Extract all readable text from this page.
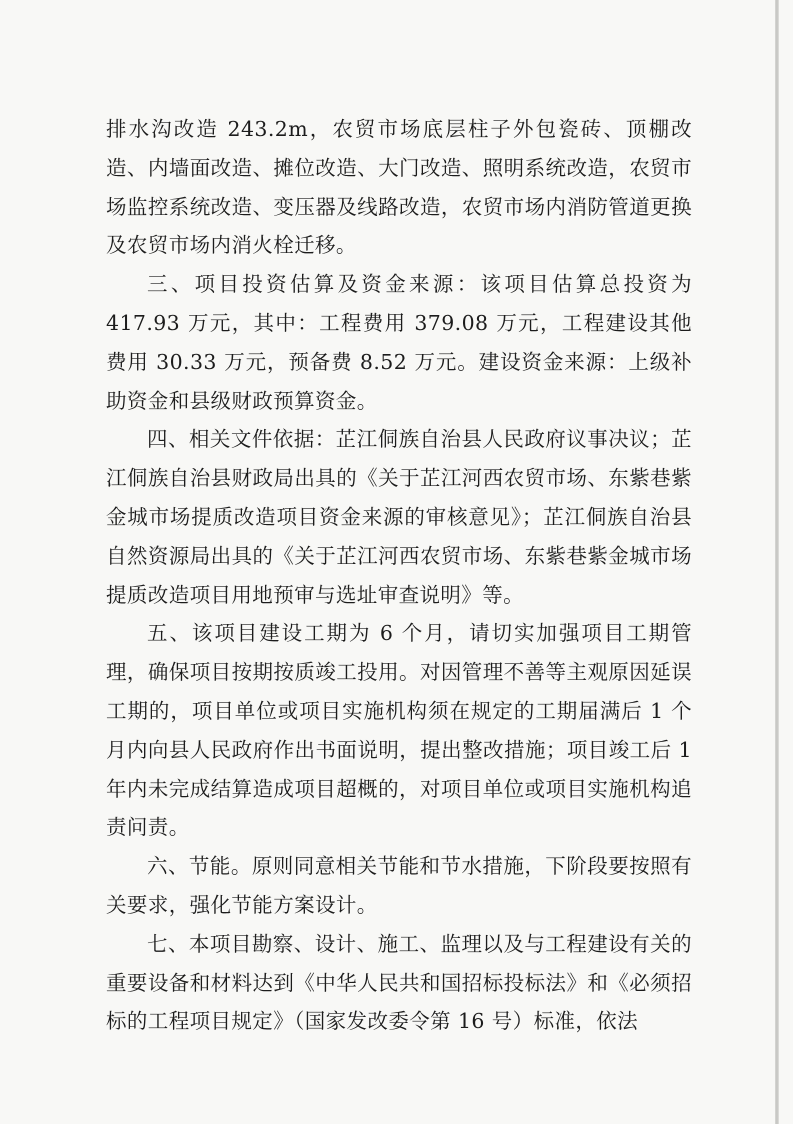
排水沟改造 243.2m，农贸市场底层柱子外包瓷砖、顶棚改造、内墙面改造、摊位改造、大门改造、照明系统改造，农贸市场监控系统改造、变压器及线路改造，农贸市场内消防管道更换及农贸市场内消火栓迁移。

三、项目投资估算及资金来源：该项目估算总投资为 417.93 万元，其中：工程费用 379.08 万元，工程建设其他费用 30.33 万元，预备费 8.52 万元。建设资金来源：上级补助资金和县级财政预算资金。

四、相关文件依据：芷江侗族自治县人民政府议事决议；芷江侗族自治县财政局出具的《关于芷江河西农贸市场、东紫巷紫金城市场提质改造项目资金来源的审核意见》；芷江侗族自治县自然资源局出具的《关于芷江河西农贸市场、东紫巷紫金城市场提质改造项目用地预审与选址审查说明》等。

五、该项目建设工期为 6 个月，请切实加强项目工期管理，确保项目按期按质竣工投用。对因管理不善等主观原因延误工期的，项目单位或项目实施机构须在规定的工期届满后 1 个月内向县人民政府作出书面说明，提出整改措施；项目竣工后 1 年内未完成结算造成项目超概的，对项目单位或项目实施机构追责问责。

六、节能。原则同意相关节能和节水措施，下阶段要按照有关要求，强化节能方案设计。

七、本项目勘察、设计、施工、监理以及与工程建设有关的重要设备和材料达到《中华人民共和国招标投标法》和《必须招标的工程项目规定》（国家发改委令第 16 号）标准，依法
